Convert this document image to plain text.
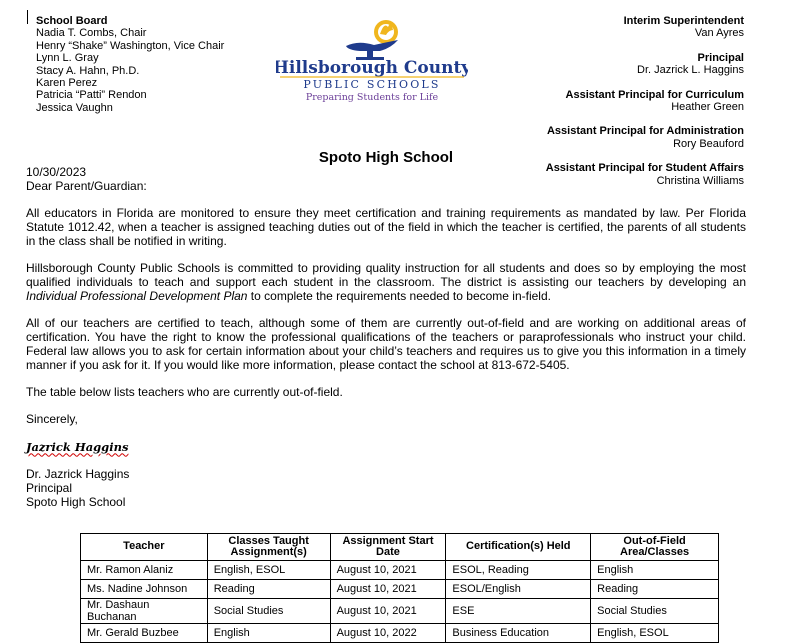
School Board
Nadia T. Combs, Chair
Henry “Shake” Washington, Vice Chair
Lynn L. Gray
Stacy A. Hahn, Ph.D.
Karen Perez
Patricia “Patti” Rendon
Jessica Vaughn
Hillsborough County
PUBLIC SCHOOLS
Preparing Students for Life
Interim Superintendent
Van Ayres
Principal
Dr. Jazrick L. Haggins
Assistant Principal for Curriculum
Heather Green
Assistant Principal for Administration
Rory Beauford
Assistant Principal for Student Affairs
Christina Williams
Spoto High School

10/30/2023

Dear Parent/Guardian:

All educators in Florida are monitored to ensure they meet certification and training requirements as mandated by law. Per Florida Statute 1012.42, when a teacher is assigned teaching duties out of the field in which the teacher is certified, the parents of all students in the class shall be notified in writing.

Hillsborough County Public Schools is committed to providing quality instruction for all students and does so by employing the most qualified individuals to teach and support each student in the classroom. The district is assisting our teachers by developing an Individual Professional Development Plan to complete the requirements needed to become in-field.

All of our teachers are certified to teach, although some of them are currently out-of-field and are working on additional areas of certification. You have the right to know the professional qualifications of the teachers or paraprofessionals who instruct your child. Federal law allows you to ask for certain information about your child’s teachers and requires us to give you this information in a timely manner if you ask for it. If you would like more information, please contact the school at 813-672-5405.

The table below lists teachers who are currently out-of-field.

Sincerely,

Jazrick Haggins

Dr. Jazrick Haggins

Principal

Spoto High School

Teacher	Classes Taught Assignment(s)	Assignment Start Date	Certification(s) Held	Out-of-Field Area/Classes
Mr. Ramon Alaniz	English, ESOL	August 10, 2021	ESOL, Reading	English
Ms. Nadine Johnson	Reading	August 10, 2021	ESOL/English	Reading
Mr. Dashaun Buchanan	Social Studies	August 10, 2021	ESE	Social Studies
Mr. Gerald Buzbee	English	August 10, 2022	Business Education	English, ESOL
